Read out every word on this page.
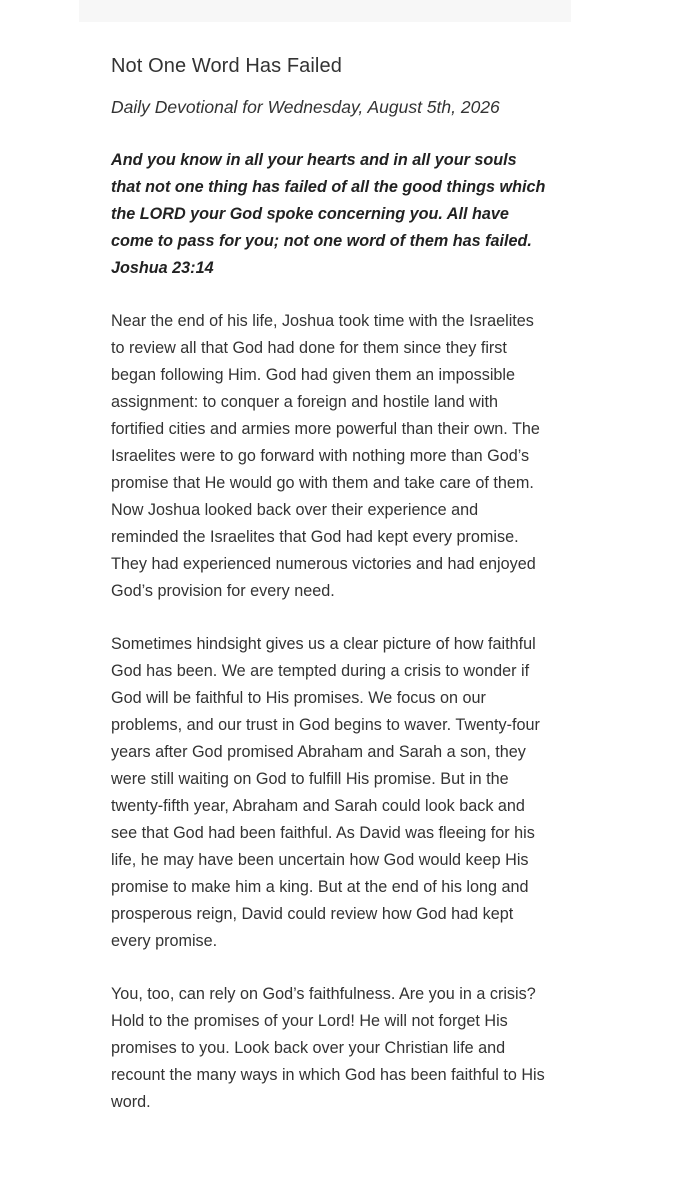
Not One Word Has Failed

Daily Devotional for Wednesday, August 5th, 2026

And you know in all your hearts and in all your souls that not one thing has failed of all the good things which the LORD your God spoke concerning you. All have come to pass for you; not one word of them has failed. Joshua 23:14

Near the end of his life, Joshua took time with the Israelites to review all that God had done for them since they first began following Him. God had given them an impossible assignment: to conquer a foreign and hostile land with fortified cities and armies more powerful than their own. The Israelites were to go forward with nothing more than God’s promise that He would go with them and take care of them. Now Joshua looked back over their experience and reminded the Israelites that God had kept every promise. They had experienced numerous victories and had enjoyed God’s provision for every need.

Sometimes hindsight gives us a clear picture of how faithful God has been. We are tempted during a crisis to wonder if God will be faithful to His promises. We focus on our problems, and our trust in God begins to waver. Twenty-four years after God promised Abraham and Sarah a son, they were still waiting on God to fulfill His promise. But in the twenty-fifth year, Abraham and Sarah could look back and see that God had been faithful. As David was fleeing for his life, he may have been uncertain how God would keep His promise to make him a king. But at the end of his long and prosperous reign, David could review how God had kept every promise.

You, too, can rely on God’s faithfulness. Are you in a crisis? Hold to the promises of your Lord! He will not forget His promises to you. Look back over your Christian life and recount the many ways in which God has been faithful to His word.
